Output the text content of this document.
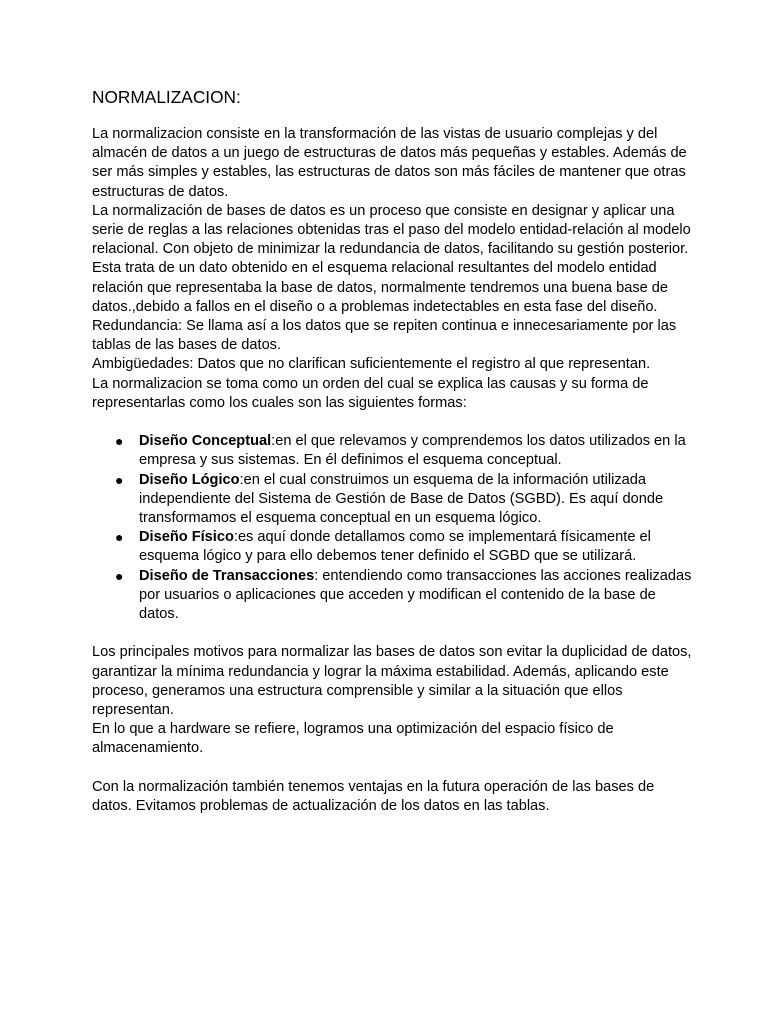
NORMALIZACION:

La normalizacion consiste en la transformación de las vistas de usuario complejas y del almacén de datos a un juego de estructuras de datos más pequeñas y estables. Además de ser más simples y estables, las estructuras de datos son más fáciles de mantener que otras estructuras de datos.

La normalización de bases de datos es un proceso que consiste en designar y aplicar una serie de reglas a las relaciones obtenidas tras el paso del modelo entidad-relación al modelo relacional. Con objeto de minimizar la redundancia de datos, facilitando su gestión posterior.

Esta trata de un dato obtenido en el esquema relacional resultantes del modelo entidad relación que representaba la base de datos, normalmente tendremos una buena base de datos.,debido a fallos en el diseño o a problemas indetectables en esta fase del diseño.

Redundancia: Se llama así a los datos que se repiten continua e innecesariamente por las tablas de las bases de datos.

Ambigüedades: Datos que no clarifican suficientemente el registro al que representan.

La normalizacion se toma como un orden del cual se explica las causas y su forma de representarlas como los cuales son las siguientes formas:

● Diseño Conceptual:en el que relevamos y comprendemos los datos utilizados en la empresa y sus sistemas. En él definimos el esquema conceptual.
● Diseño Lógico:en el cual construimos un esquema de la información utilizada independiente del Sistema de Gestión de Base de Datos (SGBD). Es aquí donde transformamos el esquema conceptual en un esquema lógico.
● Diseño Físico:es aquí donde detallamos como se implementará físicamente el esquema lógico y para ello debemos tener definido el SGBD que se utilizará.
● Diseño de Transacciones: entendiendo como transacciones las acciones realizadas por usuarios o aplicaciones que acceden y modifican el contenido de la base de datos.

Los principales motivos para normalizar las bases de datos son evitar la duplicidad de datos, garantizar la mínima redundancia y lograr la máxima estabilidad. Además, aplicando este proceso, generamos una estructura comprensible y similar a la situación que ellos representan.

En lo que a hardware se refiere, logramos una optimización del espacio físico de almacenamiento.

Con la normalización también tenemos ventajas en la futura operación de las bases de datos. Evitamos problemas de actualización de los datos en las tablas.
